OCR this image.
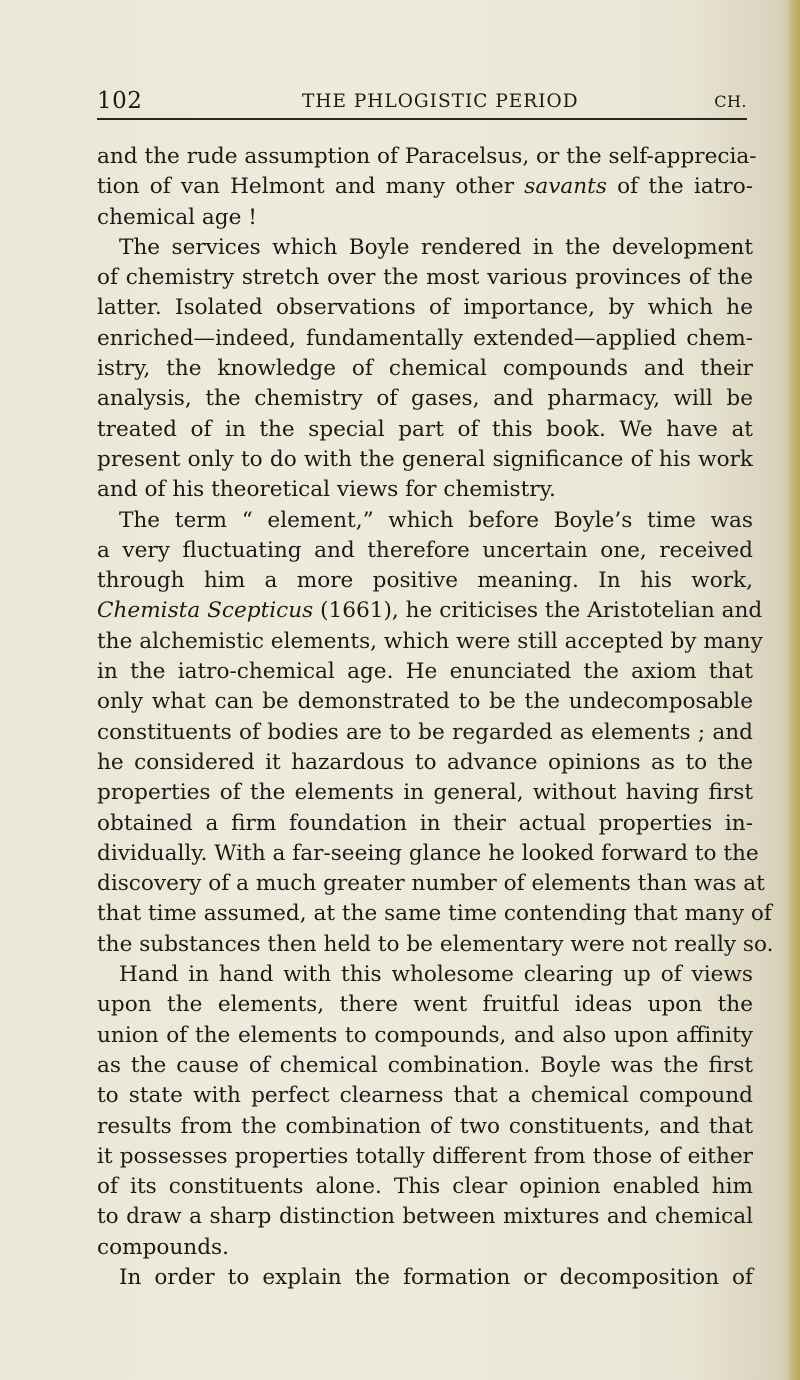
102	THE PHLOGISTIC PERIOD	CH.
and the rude assumption of Paracelsus, or the self-apprecia-
tion of van Helmont and many other savants of the iatro-
chemical age !
The services which Boyle rendered in the development
of chemistry stretch over the most various provinces of the
latter. Isolated observations of importance, by which he
enriched—indeed, fundamentally extended—applied chem-
istry, the knowledge of chemical compounds and their
analysis, the chemistry of gases, and pharmacy, will be
treated of in the special part of this book. We have at
present only to do with the general significance of his work
and of his theoretical views for chemistry.
The term “ element,” which before Boyle’s time was
a very fluctuating and therefore uncertain one, received
through him a more positive meaning. In his work,
Chemista Scepticus (1661), he criticises the Aristotelian and
the alchemistic elements, which were still accepted by many
in the iatro-chemical age. He enunciated the axiom that
only what can be demonstrated to be the undecomposable
constituents of bodies are to be regarded as elements ; and
he considered it hazardous to advance opinions as to the
properties of the elements in general, without having first
obtained a firm foundation in their actual properties in-
dividually. With a far-seeing glance he looked forward to the
discovery of a much greater number of elements than was at
that time assumed, at the same time contending that many of
the substances then held to be elementary were not really so.
Hand in hand with this wholesome clearing up of views
upon the elements, there went fruitful ideas upon the
union of the elements to compounds, and also upon affinity
as the cause of chemical combination. Boyle was the first
to state with perfect clearness that a chemical compound
results from the combination of two constituents, and that
it possesses properties totally different from those of either
of its constituents alone. This clear opinion enabled him
to draw a sharp distinction between mixtures and chemical
compounds.
In order to explain the formation or decomposition of
